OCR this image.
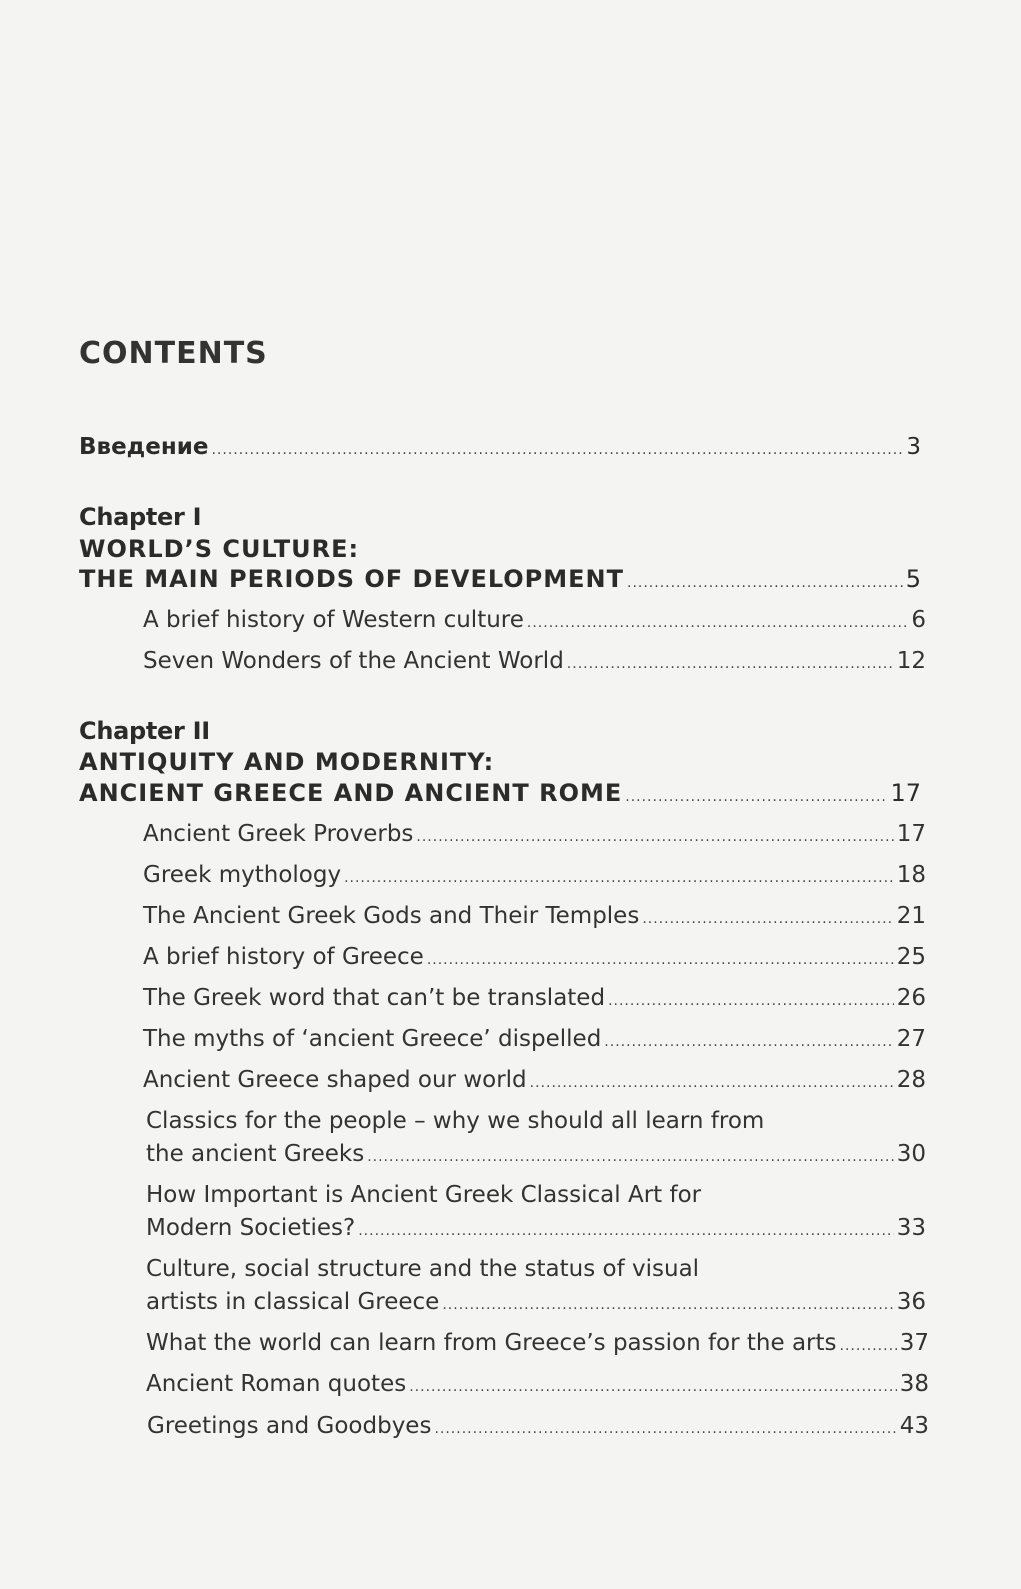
CONTENTS
Введение .....	3
Chapter I
WORLD’S CULTURE:
THE MAIN PERIODS OF DEVELOPMENT .....	5
A brief history of Western culture .....	6
Seven Wonders of the Ancient World .....	12
Chapter II
ANTIQUITY AND MODERNITY:
ANCIENT GREECE AND ANCIENT ROME .....	17
Ancient Greek Proverbs .....	17
Greek mythology .....	18
The Ancient Greek Gods and Their Temples .....	21
A brief history of Greece .....	25
The Greek word that can’t be translated .....	26
The myths of ‘ancient Greece’ dispelled .....	27
Ancient Greece shaped our world .....	28
Classics for the people – why we should all learn from
the ancient Greeks .....	30
How Important is Ancient Greek Classical Art for
Modern Societies? .....	33
Culture, social structure and the status of visual
artists in classical Greece .....	36
What the world can learn from Greece’s passion for the arts .....	37
Ancient Roman quotes .....	38
Greetings and Goodbyes .....	43
